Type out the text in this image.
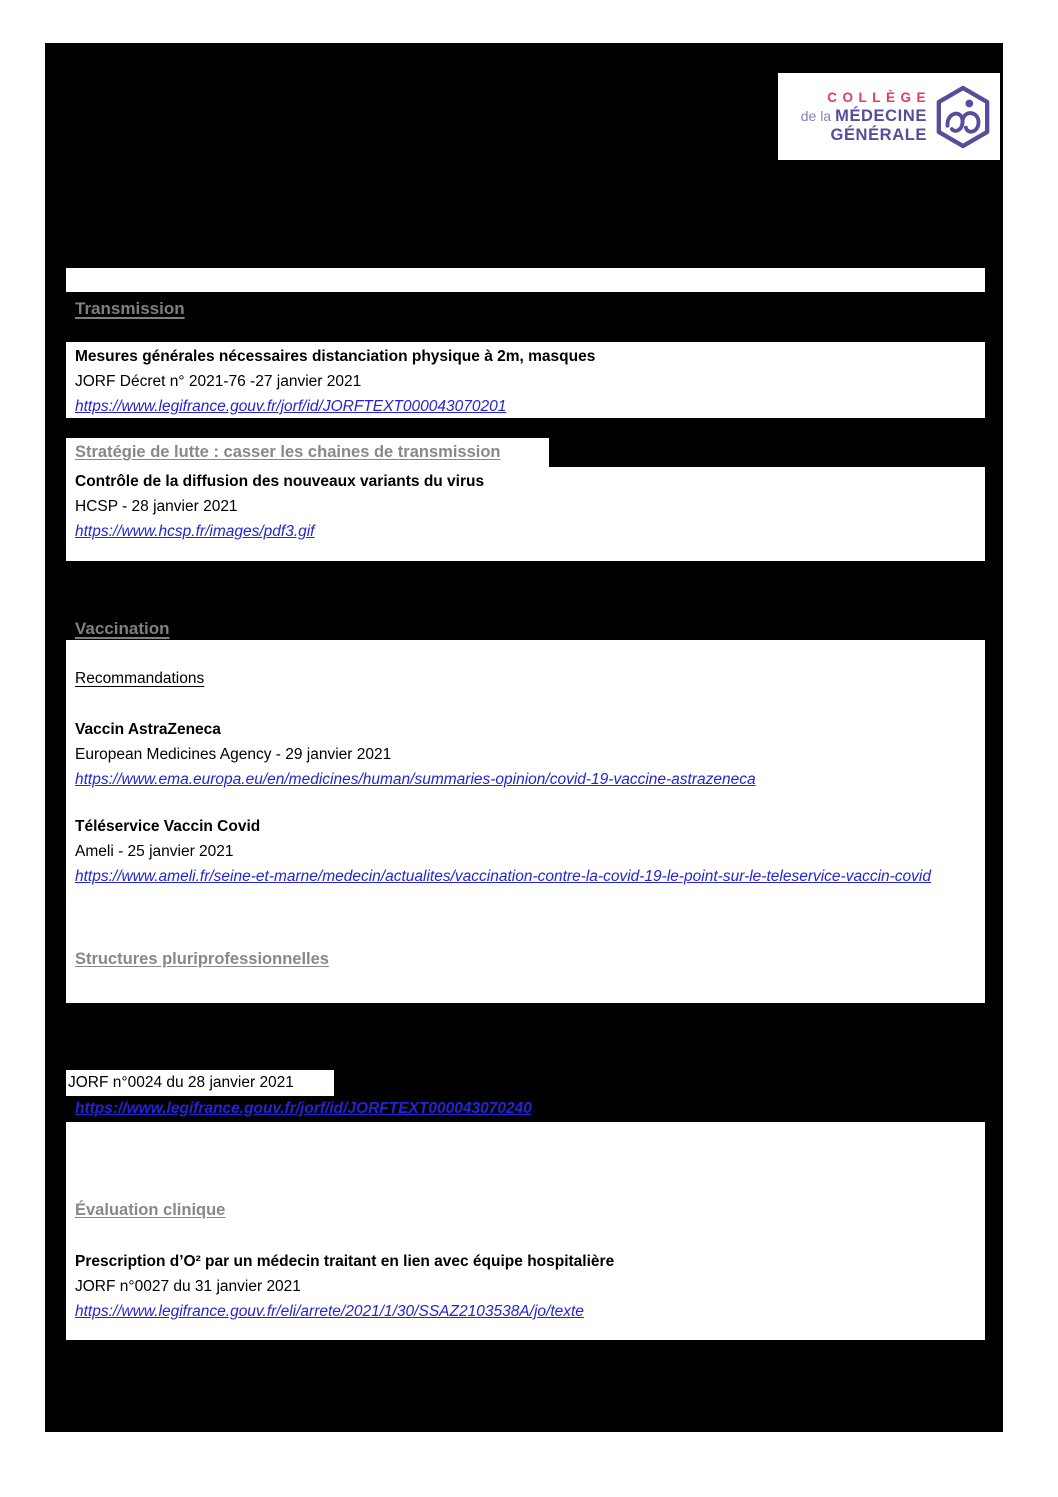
COLLÈGE
de la MÉDECINE
GÉNÉRALE
Transmission

Mesures générales nécessaires distanciation physique à 2m, masques

JORF Décret n° 2021-76 -27 janvier 2021

https://www.legifrance.gouv.fr/jorf/id/JORFTEXT000043070201

Stratégie de lutte : casser les chaines de transmission

Contrôle de la diffusion des nouveaux variants du virus

HCSP - 28 janvier 2021

https://www.hcsp.fr/images/pdf3.gif

Vaccination

Recommandations

Vaccin AstraZeneca

European Medicines Agency - 29 janvier 2021

https://www.ema.europa.eu/en/medicines/human/summaries-opinion/covid-19-vaccine-astrazeneca

Téléservice Vaccin Covid

Ameli - 25 janvier 2021

https://www.ameli.fr/seine-et-marne/medecin/actualites/vaccination-contre-la-covid-19-le-point-sur-le-teleservice-vaccin-covid

Structures pluriprofessionnelles

JORF n°0024 du 28 janvier 2021
https://www.legifrance.gouv.fr/jorf/id/JORFTEXT000043070240

Évaluation clinique

Prescription d’O² par un médecin traitant en lien avec équipe hospitalière

JORF n°0027 du 31 janvier 2021

https://www.legifrance.gouv.fr/eli/arrete/2021/1/30/SSAZ2103538A/jo/texte
